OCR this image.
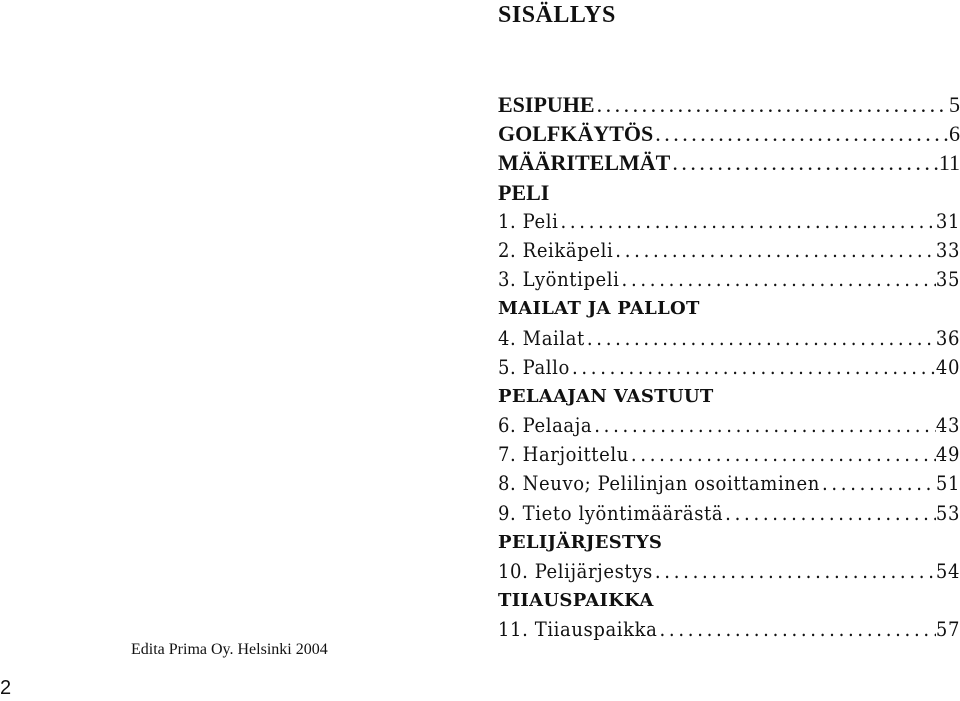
SISÄLLYS
ESIPUHE . . .	5
GOLFKÄYTÖS . . .	6
MÄÄRITELMÄT . . .	11
PELI
1. Peli . . .	31
2. Reikäpeli . . .	33
3. Lyöntipeli . . .	35
MAILAT JA PALLOT
4. Mailat . . .	36
5. Pallo . . .	40
PELAAJAN VASTUUT
6. Pelaaja . . .	43
7. Harjoittelu . . .	49
8. Neuvo; Pelilinjan osoittaminen . . .	51
9. Tieto lyöntimäärästä . . .	53
PELIJÄRJESTYS
10. Pelijärjestys . . .	54
TIIAUSPAIKKA
11. Tiiauspaikka . . .	57
Edita Prima Oy. Helsinki 2004
2
